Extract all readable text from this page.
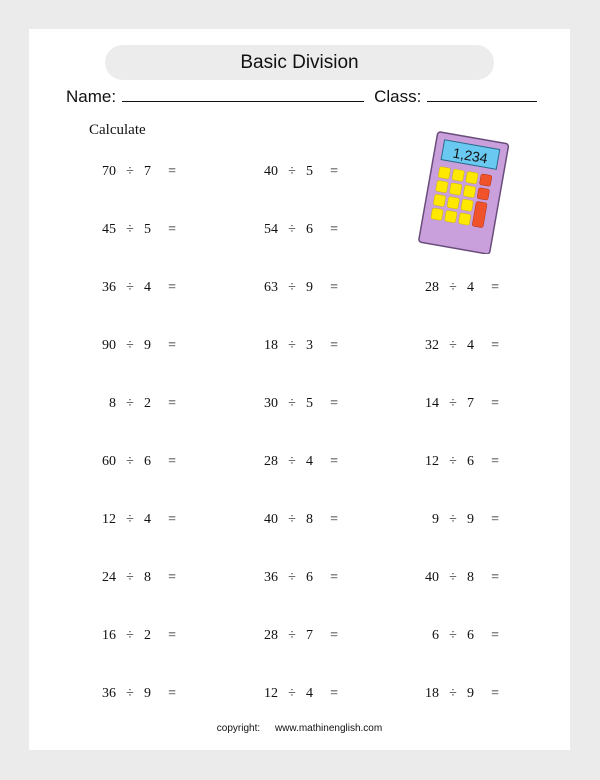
Basic Division
Name:	Class:
Calculate
1,234
70 ÷ 7	=
45 ÷ 5	=
36 ÷ 4	=
90 ÷ 9	=
8 ÷ 2	=
60 ÷ 6	=
12 ÷ 4	=
24 ÷ 8	=
16 ÷ 2	=
36 ÷ 9	=
40 ÷ 5	=
54 ÷ 6	=
63 ÷ 9	=
18 ÷ 3	=
30 ÷ 5	=
28 ÷ 4	=
40 ÷ 8	=
36 ÷ 6	=
28 ÷ 7	=
12 ÷ 4	=
28 ÷ 4	=
32 ÷ 4	=
14 ÷ 7	=
12 ÷ 6	=
9 ÷ 9	=
40 ÷ 8	=
6 ÷ 6	=
18 ÷ 9	=
copyright: www.mathinenglish.com
